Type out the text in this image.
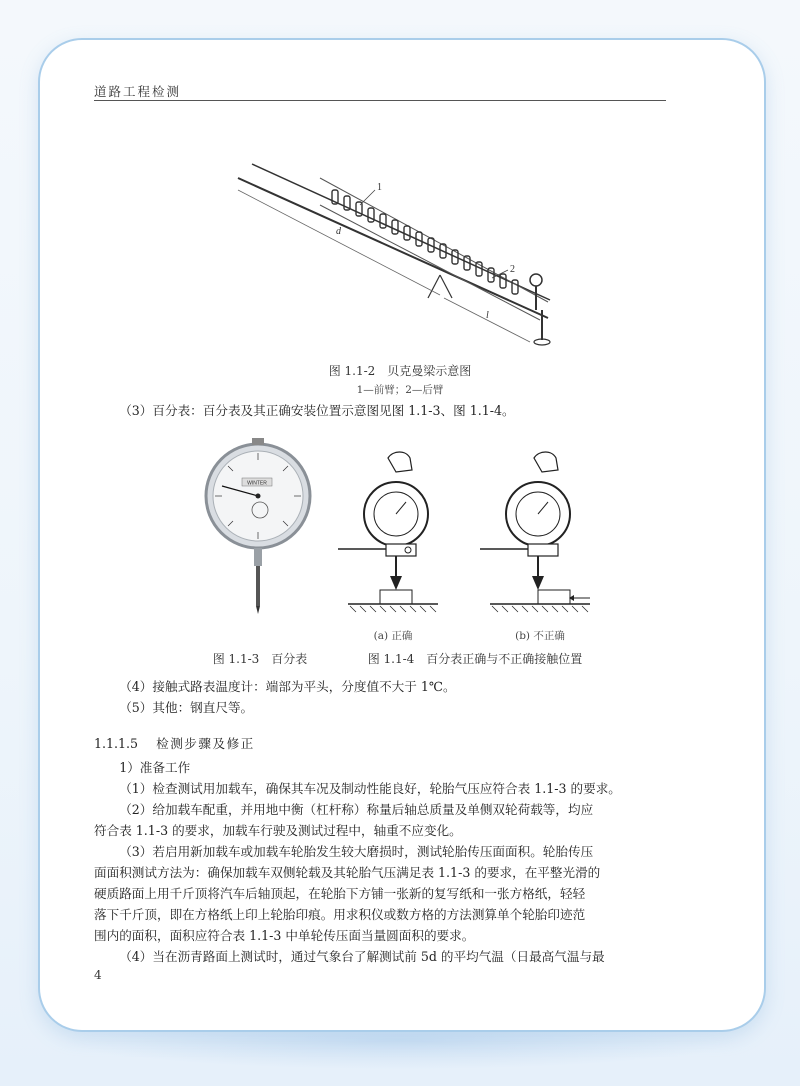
道路工程检测
1
2
d
l
图 1.1-2　贝克曼梁示意图
1—前臂；2—后臂
（3）百分表：百分表及其正确安装位置示意图见图 1.1-3、图 1.1-4。
WINTER
(a) 正确	(b) 不正确
图 1.1-3　百分表	图 1.1-4　百分表正确与不正确接触位置
（4）接触式路表温度计：端部为平头，分度值不大于 1℃。
（5）其他：钢直尺等。
1.1.1.5 检测步骤及修正
1）准备工作
（1）检查测试用加载车，确保其车况及制动性能良好，轮胎气压应符合表 1.1-3 的要求。
（2）给加载车配重，并用地中衡（杠杆称）称量后轴总质量及单侧双轮荷载等，均应
符合表 1.1-3 的要求，加载车行驶及测试过程中，轴重不应变化。
（3）若启用新加载车或加载车轮胎发生较大磨损时，测试轮胎传压面面积。轮胎传压
面面积测试方法为：确保加载车双侧轮载及其轮胎气压满足表 1.1-3 的要求，在平整光滑的
硬质路面上用千斤顶将汽车后轴顶起，在轮胎下方铺一张新的复写纸和一张方格纸，轻轻
落下千斤顶，即在方格纸上印上轮胎印痕。用求积仪或数方格的方法测算单个轮胎印迹范
围内的面积，面积应符合表 1.1-3 中单轮传压面当量圆面积的要求。
（4）当在沥青路面上测试时，通过气象台了解测试前 5d 的平均气温（日最高气温与最
4
